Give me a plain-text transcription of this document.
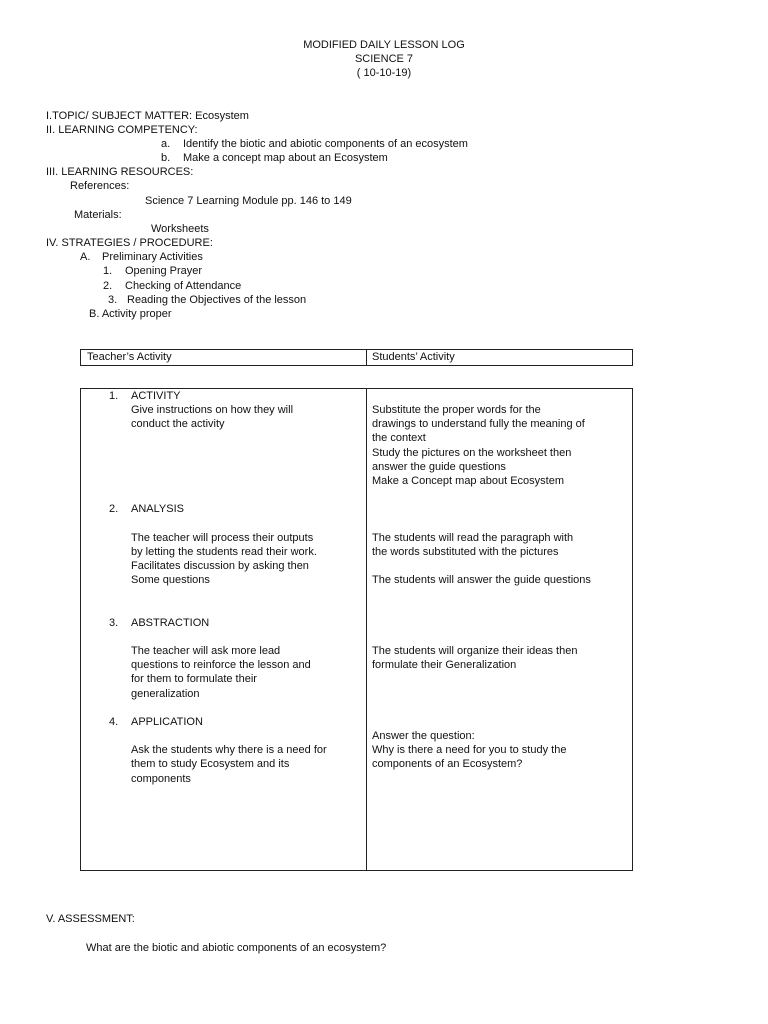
MODIFIED DAILY LESSON LOG
SCIENCE 7
( 10-10-19)
I.TOPIC/ SUBJECT MATTER: Ecosystem
II. LEARNING COMPETENCY:
a. Identify the biotic and abiotic components of an ecosystem
b. Make a concept map about an Ecosystem
III. LEARNING RESOURCES:
References:
Science 7 Learning Module pp. 146 to 149
Materials:
Worksheets
IV. STRATEGIES / PROCEDURE:
A. Preliminary Activities
1. Opening Prayer
2. Checking of Attendance
3. Reading the Objectives of the lesson
B. Activity proper
Teacher’s Activity	Students’ Activity
1. ACTIVITY
Give instructions on how they will
conduct the activity
Substitute the proper words for the
drawings to understand fully the meaning of
the context
Study the pictures on the worksheet then
answer the guide questions
Make a Concept map about Ecosystem
2. ANALYSIS
The teacher will process their outputs
by letting the students read their work.
Facilitates discussion by asking then
Some questions
The students will read the paragraph with
the words substituted with the pictures
The students will answer the guide questions
3. ABSTRACTION
The teacher will ask more lead
questions to reinforce the lesson and
for them to formulate their
generalization
The students will organize their ideas then
formulate their Generalization
4. APPLICATION
Ask the students why there is a need for
them to study Ecosystem and its
components
Answer the question:
Why is there a need for you to study the
components of an Ecosystem?
V. ASSESSMENT:
What are the biotic and abiotic components of an ecosystem?
